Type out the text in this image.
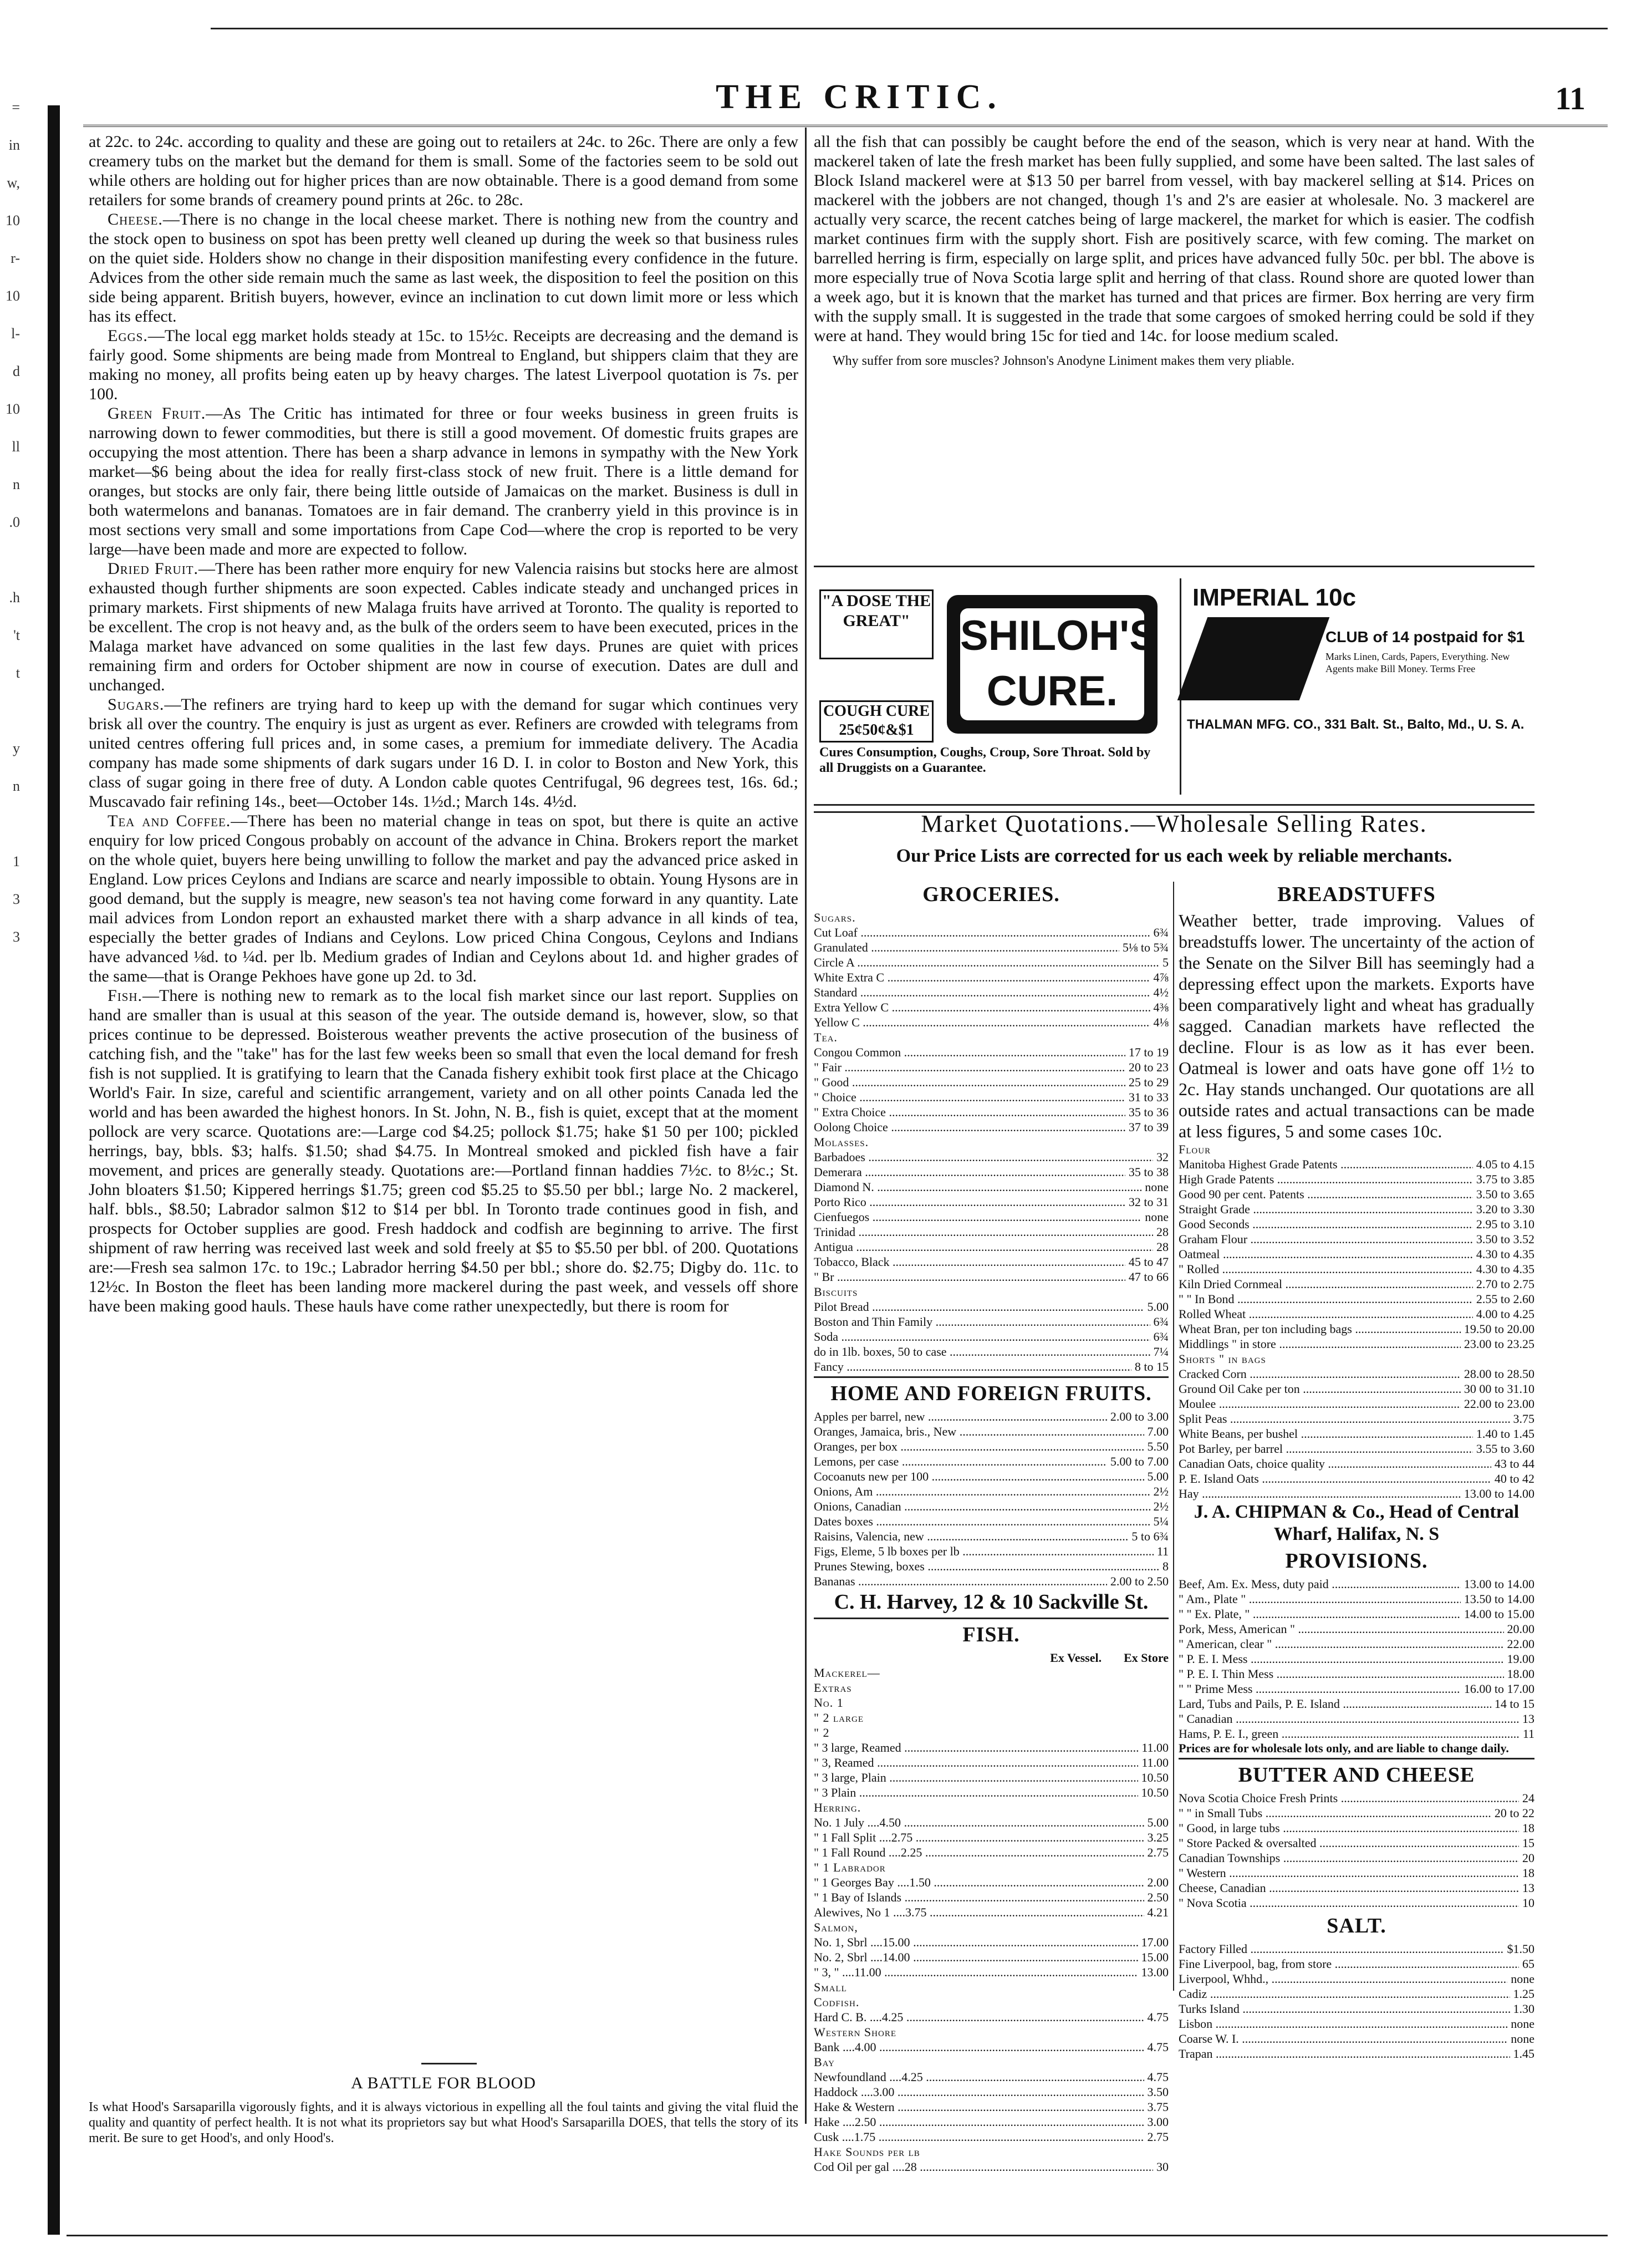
=
in
w,
10
r-
10
l-
d
10
ll
n
.0

.h
't
t

y
n

1
3
3
THE CRITIC.	11

at 22c. to 24c. according to quality and these are going out to retailers at 24c. to 26c. There are only a few creamery tubs on the market but the demand for them is small. Some of the factories seem to be sold out while others are holding out for higher prices than are now obtainable. There is a good demand from some retailers for some brands of creamery pound prints at 26c. to 28c.

Cheese.—There is no change in the local cheese market. There is nothing new from the country and the stock open to business on spot has been pretty well cleaned up during the week so that business rules on the quiet side. Holders show no change in their disposition manifesting every confidence in the future. Advices from the other side remain much the same as last week, the disposition to feel the position on this side being apparent. British buyers, however, evince an inclination to cut down limit more or less which has its effect.

Eggs.—The local egg market holds steady at 15c. to 15½c. Receipts are decreasing and the demand is fairly good. Some shipments are being made from Montreal to England, but shippers claim that they are making no money, all profits being eaten up by heavy charges. The latest Liverpool quotation is 7s. per 100.

Green Fruit.—As The Critic has intimated for three or four weeks business in green fruits is narrowing down to fewer commodities, but there is still a good movement. Of domestic fruits grapes are occupying the most attention. There has been a sharp advance in lemons in sympathy with the New York market—$6 being about the idea for really first-class stock of new fruit. There is a little demand for oranges, but stocks are only fair, there being little outside of Jamaicas on the market. Business is dull in both watermelons and bananas. Tomatoes are in fair demand. The cranberry yield in this province is in most sections very small and some importations from Cape Cod—where the crop is reported to be very large—have been made and more are expected to follow.

Dried Fruit.—There has been rather more enquiry for new Valencia raisins but stocks here are almost exhausted though further shipments are soon expected. Cables indicate steady and unchanged prices in primary markets. First shipments of new Malaga fruits have arrived at Toronto. The quality is reported to be excellent. The crop is not heavy and, as the bulk of the orders seem to have been executed, prices in the Malaga market have advanced on some qualities in the last few days. Prunes are quiet with prices remaining firm and orders for October shipment are now in course of execution. Dates are dull and unchanged.

Sugars.—The refiners are trying hard to keep up with the demand for sugar which continues very brisk all over the country. The enquiry is just as urgent as ever. Refiners are crowded with telegrams from united centres offering full prices and, in some cases, a premium for immediate delivery. The Acadia company has made some shipments of dark sugars under 16 D. I. in color to Boston and New York, this class of sugar going in there free of duty. A London cable quotes Centrifugal, 96 degrees test, 16s. 6d.; Muscavado fair refining 14s., beet—October 14s. 1½d.; March 14s. 4½d.

Tea and Coffee.—There has been no material change in teas on spot, but there is quite an active enquiry for low priced Congous probably on account of the advance in China. Brokers report the market on the whole quiet, buyers here being unwilling to follow the market and pay the advanced price asked in England. Low prices Ceylons and Indians are scarce and nearly impossible to obtain. Young Hysons are in good demand, but the supply is meagre, new season's tea not having come forward in any quantity. Late mail advices from London report an exhausted market there with a sharp advance in all kinds of tea, especially the better grades of Indians and Ceylons. Low priced China Congous, Ceylons and Indians have advanced ⅛d. to ¼d. per lb. Medium grades of Indian and Ceylons about 1d. and higher grades of the same—that is Orange Pekhoes have gone up 2d. to 3d.

Fish.—There is nothing new to remark as to the local fish market since our last report. Supplies on hand are smaller than is usual at this season of the year. The outside demand is, however, slow, so that prices continue to be depressed. Boisterous weather prevents the active prosecution of the business of catching fish, and the "take" has for the last few weeks been so small that even the local demand for fresh fish is not supplied. It is gratifying to learn that the Canada fishery exhibit took first place at the Chicago World's Fair. In size, careful and scientific arrangement, variety and on all other points Canada led the world and has been awarded the highest honors. In St. John, N. B., fish is quiet, except that at the moment pollock are very scarce. Quotations are:—Large cod $4.25; pollock $1.75; hake $1 50 per 100; pickled herrings, bay, bbls. $3; halfs. $1.50; shad $4.75. In Montreal smoked and pickled fish have a fair movement, and prices are generally steady. Quotations are:—Portland finnan haddies 7½c. to 8½c.; St. John bloaters $1.50; Kippered herrings $1.75; green cod $5.25 to $5.50 per bbl.; large No. 2 mackerel, half. bbls., $8.50; Labrador salmon $12 to $14 per bbl. In Toronto trade continues good in fish, and prospects for October supplies are good. Fresh haddock and codfish are beginning to arrive. The first shipment of raw herring was received last week and sold freely at $5 to $5.50 per bbl. of 200. Quotations are:—Fresh sea salmon 17c. to 19c.; Labrador herring $4.50 per bbl.; shore do. $2.75; Digby do. 11c. to 12½c. In Boston the fleet has been landing more mackerel during the past week, and vessels off shore have been making good hauls. These hauls have come rather unexpectedly, but there is room for

all the fish that can possibly be caught before the end of the season, which is very near at hand. With the mackerel taken of late the fresh market has been fully supplied, and some have been salted. The last sales of Block Island mackerel were at $13 50 per barrel from vessel, with bay mackerel selling at $14. Prices on mackerel with the jobbers are not changed, though 1's and 2's are easier at wholesale. No. 3 mackerel are actually very scarce, the recent catches being of large mackerel, the market for which is easier. The codfish market continues firm with the supply short. Fish are positively scarce, with few coming. The market on barrelled herring is firm, especially on large split, and prices have advanced fully 50c. per bbl. The above is more especially true of Nova Scotia large split and herring of that class. Round shore are quoted lower than a week ago, but it is known that the market has turned and that prices are firmer. Box herring are very firm with the supply small. It is suggested in the trade that some cargoes of smoked herring could be sold if they were at hand. They would bring 15c for tied and 14c. for loose medium scaled.

Why suffer from sore muscles? Johnson's Anodyne Liniment makes them very pliable.

"A DOSE THE GREAT"	SHILOH'S CURE.
COUGH CURE 25¢50¢&$1
Cures Consumption, Coughs, Croup, Sore Throat. Sold by all Druggists on a Guarantee.
IMPERIAL 10c
CLUB of 14 postpaid for $1
Marks Linen, Cards, Papers, Everything. New Agents make Bill Money. Terms Free
THALMAN MFG. CO., 331 Balt. St., Balto, Md., U. S. A.
Market Quotations.—Wholesale Selling Rates.
Our Price Lists are corrected for us each week by reliable merchants.
GROCERIES.
Sugars.
Cut Loaf .....	6¾
Granulated .....	5⅛ to 5¾
Circle A .....	5
White Extra C .....	4⅞
Standard .....	4½
Extra Yellow C .....	4⅜
Yellow C .....	4⅛
Tea.
Congou Common .....	17 to 19
" Fair .....	20 to 23
" Good .....	25 to 29
" Choice .....	31 to 33
" Extra Choice .....	35 to 36
Oolong Choice .....	37 to 39
Molasses.
Barbadoes .....	32
Demerara .....	35 to 38
Diamond N. .....	none
Porto Rico .....	32 to 31
Cienfuegos .....	none
Trinidad .....	28
Antigua .....	28
Tobacco, Black .....	45 to 47
" Br .....	47 to 66
Biscuits
Pilot Bread .....	5.00
Boston and Thin Family .....	6¾
Soda .....	6¾
do in 1lb. boxes, 50 to case .....	7¼
Fancy .....	8 to 15
HOME AND FOREIGN FRUITS.
Apples per barrel, new .....	2.00 to 3.00
Oranges, Jamaica, bris., New .....	7.00
Oranges, per box .....	5.50
Lemons, per case .....	5.00 to 7.00
Cocoanuts new per 100 .....	5.00
Onions, Am .....	2½
Onions, Canadian .....	2½
Dates boxes .....	5¼
Raisins, Valencia, new .....	5 to 6¾
Figs, Eleme, 5 lb boxes per lb .....	11
Prunes Stewing, boxes .....	8
Bananas .....	2.00 to 2.50
C. H. Harvey, 12 & 10 Sackville St.
FISH.
Ex Vessel. Ex Store
Mackerel—
Extras
No. 1
" 2 large
" 2
" 3 large, Reamed .....	11.00
" 3, Reamed .....	11.00
" 3 large, Plain .....	10.50
" 3 Plain .....	10.50
Herring.
No. 1 July ....4.50 .....	5.00
" 1 Fall Split ....2.75 .....	3.25
" 1 Fall Round ....2.25 .....	2.75
" 1 Labrador
" 1 Georges Bay ....1.50 .....	2.00
" 1 Bay of Islands .....	2.50
Alewives, No 1 ....3.75 .....	4.21
Salmon,
No. 1, Sbrl ....15.00 .....	17.00
No. 2, Sbrl ....14.00 .....	15.00
" 3, " ....11.00 .....	13.00
Small
Codfish.
Hard C. B. ....4.25 .....	4.75
Western Shore
Bank ....4.00 .....	4.75
Bay
Newfoundland ....4.25 .....	4.75
Haddock ....3.00 .....	3.50
Hake & Western .....	3.75
Hake ....2.50 .....	3.00
Cusk ....1.75 .....	2.75
Hake Sounds per lb
Cod Oil per gal ....28 .....	30
BREADSTUFFS
Weather better, trade improving. Values of breadstuffs lower. The uncertainty of the action of the Senate on the Silver Bill has seemingly had a depressing effect upon the markets. Exports have been comparatively light and wheat has gradually sagged. Canadian markets have reflected the decline. Flour is as low as it has ever been. Oatmeal is lower and oats have gone off 1½ to 2c. Hay stands unchanged. Our quotations are all outside rates and actual transactions can be made at less figures, 5 and some cases 10c.
Flour
Manitoba Highest Grade Patents .....	4.05 to 4.15
High Grade Patents .....	3.75 to 3.85
Good 90 per cent. Patents .....	3.50 to 3.65
Straight Grade .....	3.20 to 3.30
Good Seconds .....	2.95 to 3.10
Graham Flour .....	3.50 to 3.52
Oatmeal .....	4.30 to 4.35
" Rolled .....	4.30 to 4.35
Kiln Dried Cornmeal .....	2.70 to 2.75
" " In Bond .....	2.55 to 2.60
Rolled Wheat .....	4.00 to 4.25
Wheat Bran, per ton including bags .....	19.50 to 20.00
Middlings " in store .....	23.00 to 23.25
Shorts " in bags
Cracked Corn .....	28.00 to 28.50
Ground Oil Cake per ton .....	30 00 to 31.10
Moulee .....	22.00 to 23.00
Split Peas .....	3.75
White Beans, per bushel .....	1.40 to 1.45
Pot Barley, per barrel .....	3.55 to 3.60
Canadian Oats, choice quality .....	43 to 44
P. E. Island Oats .....	40 to 42
Hay .....	13.00 to 14.00
J. A. CHIPMAN & Co., Head of Central Wharf, Halifax, N. S
PROVISIONS.
Beef, Am. Ex. Mess, duty paid .....	13.00 to 14.00
" Am., Plate " .....	13.50 to 14.00
" " Ex. Plate, " .....	14.00 to 15.00
Pork, Mess, American " .....	20.00
" American, clear " .....	22.00
" P. E. I. Mess .....	19.00
" P. E. I. Thin Mess .....	18.00
" " Prime Mess .....	16.00 to 17.00
Lard, Tubs and Pails, P. E. Island .....	14 to 15
" Canadian .....	13
Hams, P. E. I., green .....	11
Prices are for wholesale lots only, and are liable to change daily.
BUTTER AND CHEESE
Nova Scotia Choice Fresh Prints .....	24
" " in Small Tubs .....	20 to 22
" Good, in large tubs .....	18
" Store Packed & oversalted .....	15
Canadian Townships .....	20
" Western .....	18
Cheese, Canadian .....	13
" Nova Scotia .....	10
SALT.
Factory Filled .....	$1.50
Fine Liverpool, bag, from store .....	65
Liverpool, Whhd., .....	none
Cadiz .....	1.25
Turks Island .....	1.30
Lisbon .....	none
Coarse W. I. .....	none
Trapan .....	1.45
A BATTLE FOR BLOOD
Is what Hood's Sarsaparilla vigorously fights, and it is always victorious in expelling all the foul taints and giving the vital fluid the quality and quantity of perfect health. It is not what its proprietors say but what Hood's Sarsaparilla DOES, that tells the story of its merit. Be sure to get Hood's, and only Hood's.
